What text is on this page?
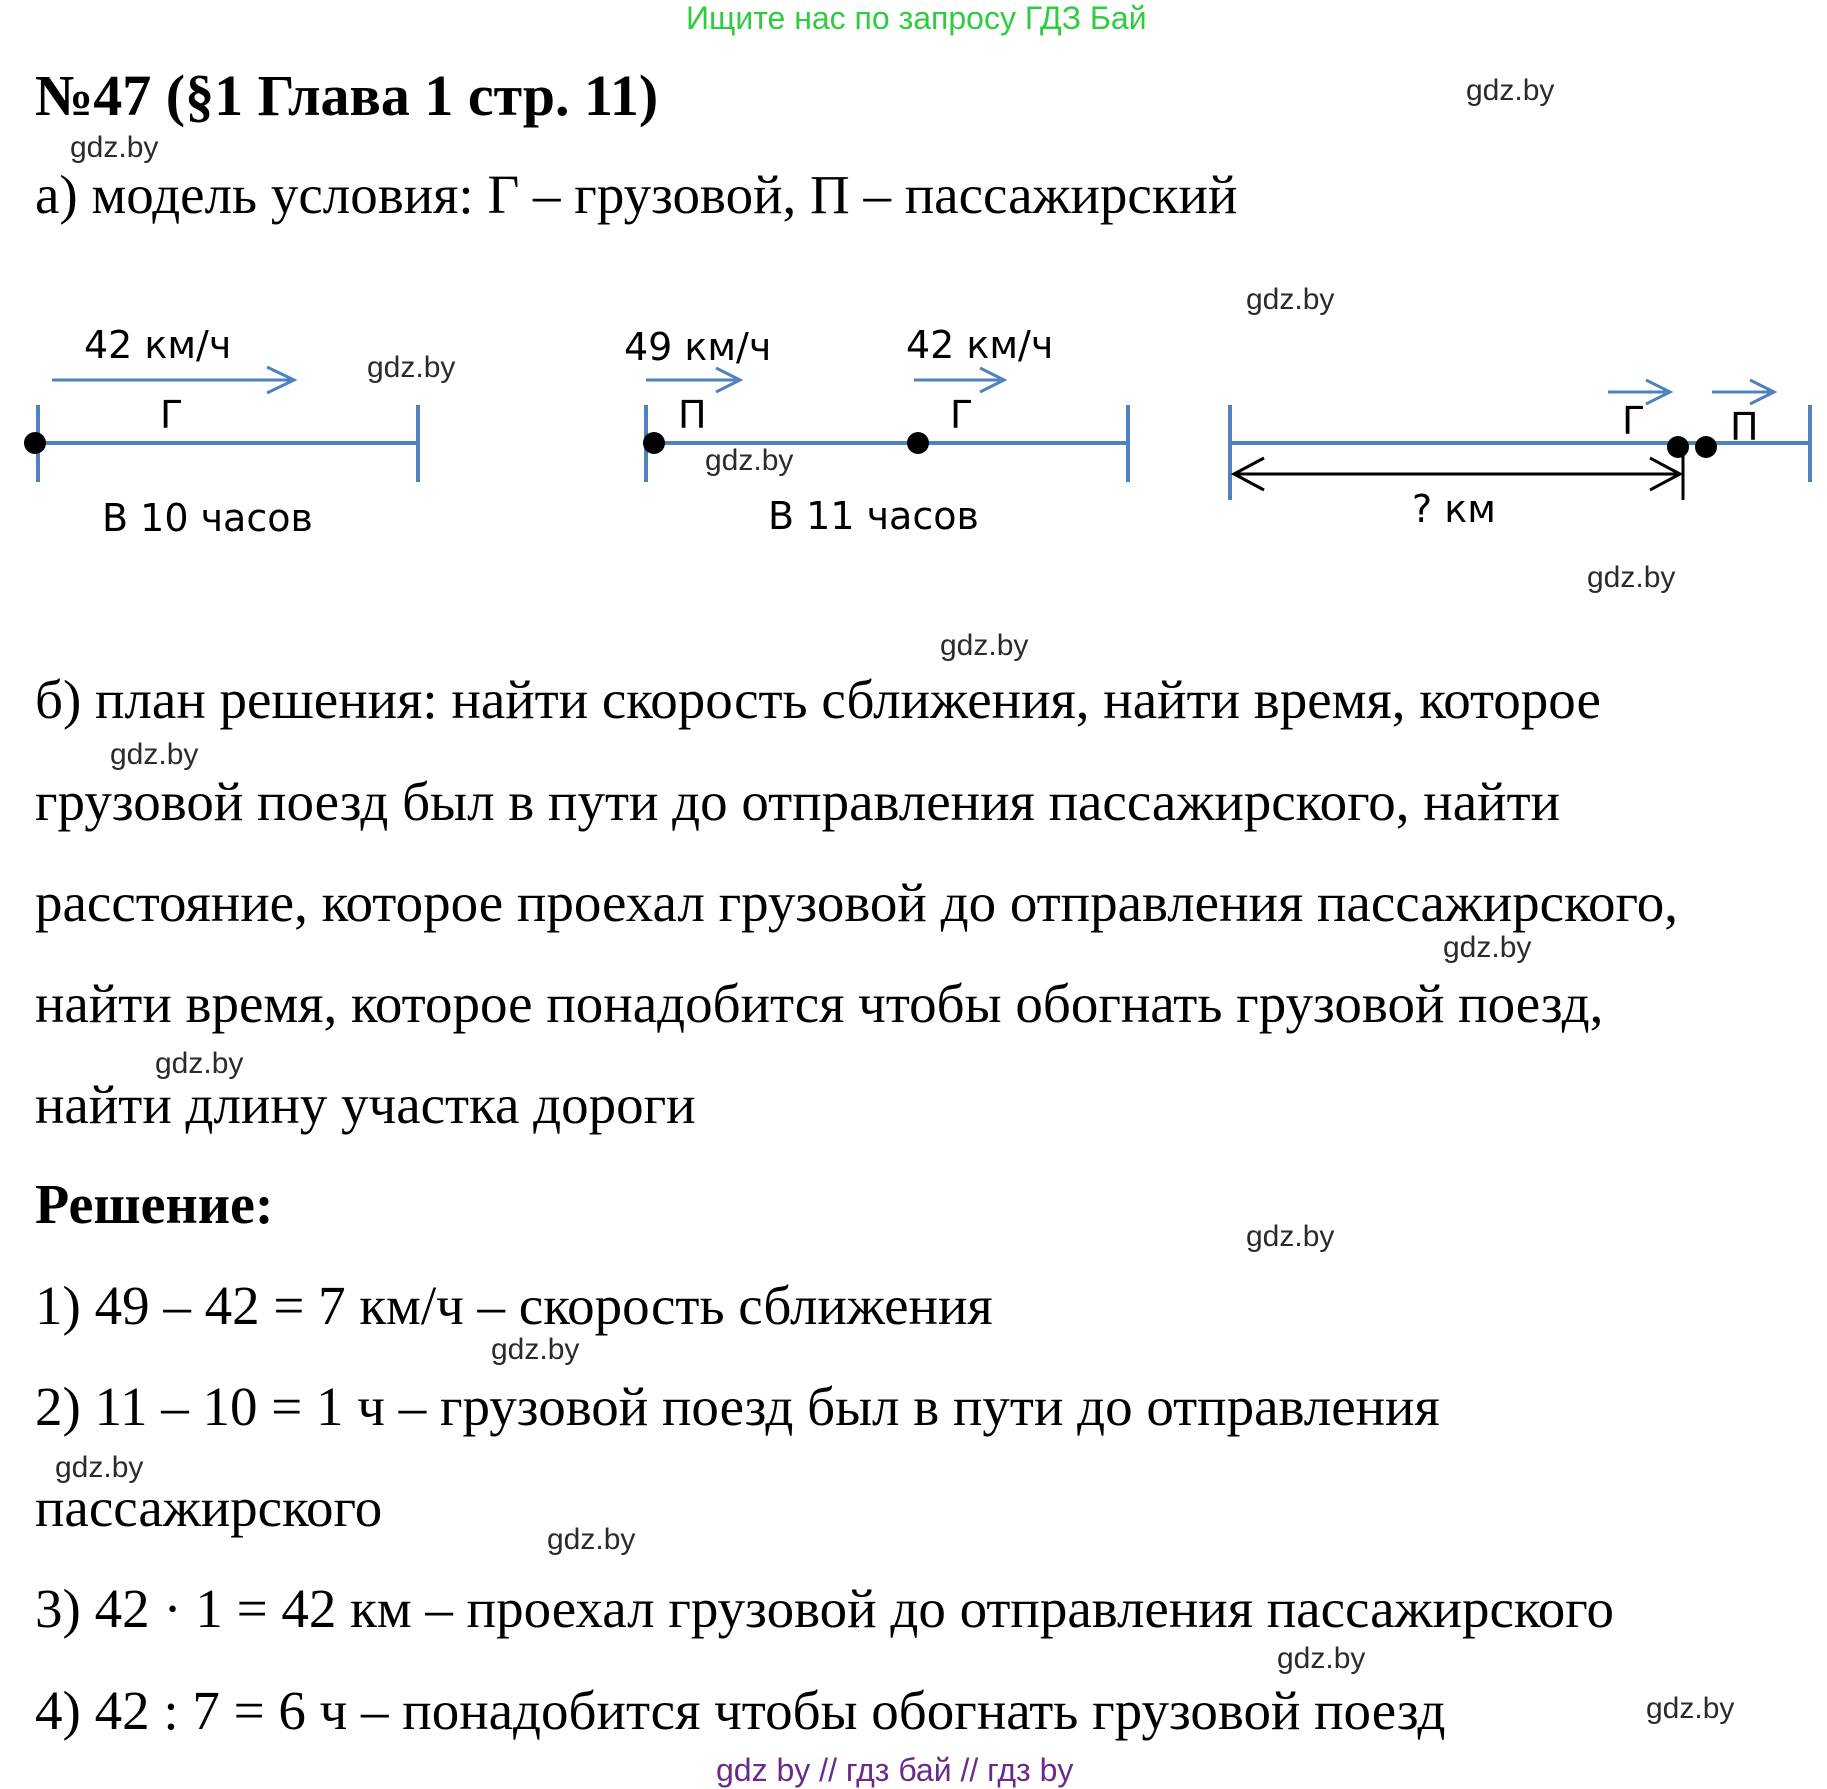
Ищите нас по запросу ГДЗ Бай
№47 (§1 Глава 1 стр. 11)
а) модель условия: Г – грузовой, П – пассажирский
42 км/ч
Г
В 10 часов
49 км/ч	42 км/ч
П	Г
В 11 часов
Г П
? км
б) план решения: найти скорость сближения, найти время, которое
грузовой поезд был в пути до отправления пассажирского, найти
расстояние, которое проехал грузовой до отправления пассажирского,
найти время, которое понадобится чтобы обогнать грузовой поезд,
найти длину участка дороги
Решение:
1) 49 – 42 = 7 км/ч – скорость сближения
2) 11 – 10 = 1 ч – грузовой поезд был в пути до отправления
пассажирского
3) 42 · 1 = 42 км – проехал грузовой до отправления пассажирского
4) 42 : 7 = 6 ч – понадобится чтобы обогнать грузовой поезд
gdz.by
gdz.by
gdz.by
gdz.by
gdz.by
gdz.by
gdz.by
gdz.by
gdz.by
gdz.by
gdz.by
gdz.by
gdz.by
gdz.by
gdz.by
gdz.by
gdz by // гдз бай // гдз by
